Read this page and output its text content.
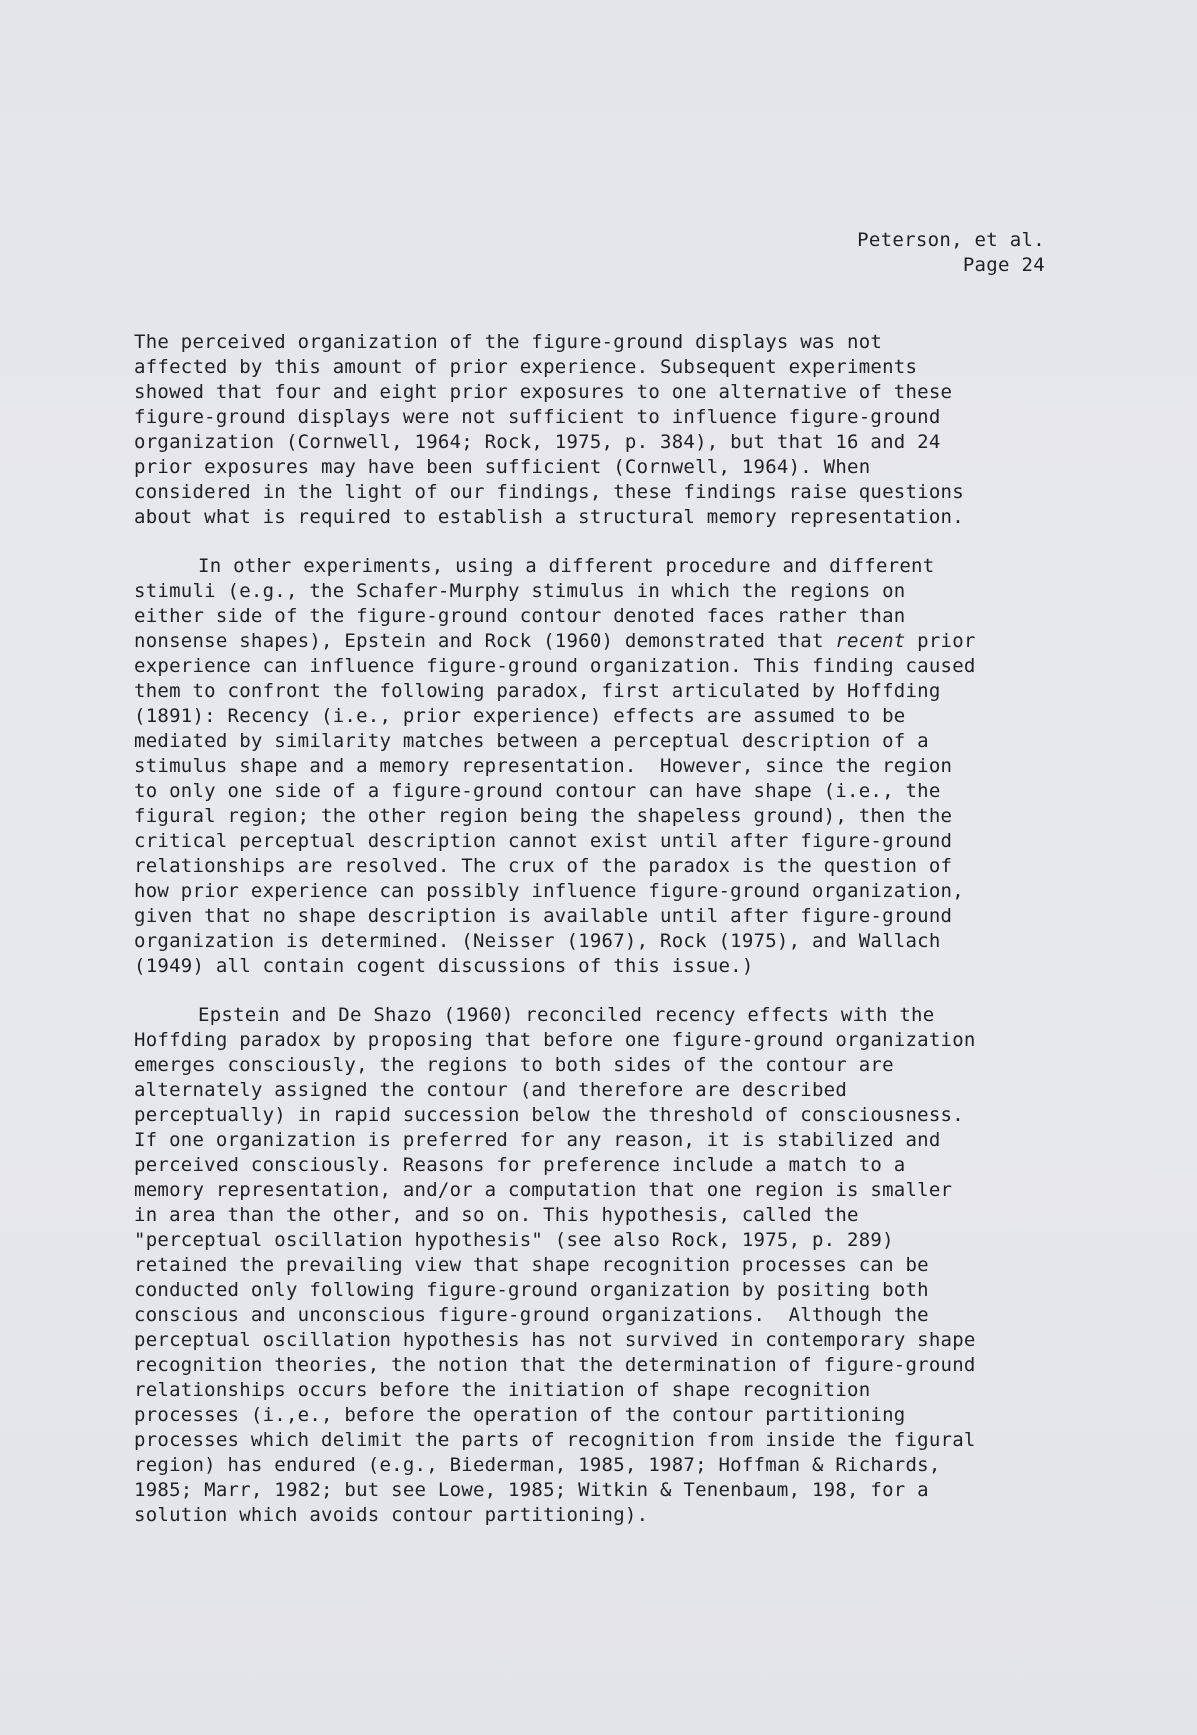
Peterson, et al.
Page 24
The perceived organization of the figure-ground displays was not
affected by this amount of prior experience. Subsequent experiments
showed that four and eight prior exposures to one alternative of these
figure-ground displays were not sufficient to influence figure-ground
organization (Cornwell, 1964; Rock, 1975, p. 384), but that 16 and 24
prior exposures may have been sufficient (Cornwell, 1964). When
considered in the light of our findings, these findings raise questions
about what is required to establish a structural memory representation.
In other experiments, using a different procedure and different
stimuli (e.g., the Schafer-Murphy stimulus in which the regions on
either side of the figure-ground contour denoted faces rather than
nonsense shapes), Epstein and Rock (1960) demonstrated that recent prior
experience can influence figure-ground organization. This finding caused
them to confront the following paradox, first articulated by Hoffding
(1891): Recency (i.e., prior experience) effects are assumed to be
mediated by similarity matches between a perceptual description of a
stimulus shape and a memory representation.  However, since the region
to only one side of a figure-ground contour can have shape (i.e., the
figural region; the other region being the shapeless ground), then the
critical perceptual description cannot exist until after figure-ground
relationships are resolved. The crux of the paradox is the question of
how prior experience can possibly influence figure-ground organization,
given that no shape description is available until after figure-ground
organization is determined. (Neisser (1967), Rock (1975), and Wallach
(1949) all contain cogent discussions of this issue.)
Epstein and De Shazo (1960) reconciled recency effects with the
Hoffding paradox by proposing that before one figure-ground organization
emerges consciously, the regions to both sides of the contour are
alternately assigned the contour (and therefore are described
perceptually) in rapid succession below the threshold of consciousness.
If one organization is preferred for any reason, it is stabilized and
perceived consciously. Reasons for preference include a match to a
memory representation, and/or a computation that one region is smaller
in area than the other, and so on. This hypothesis, called the
"perceptual oscillation hypothesis" (see also Rock, 1975, p. 289)
retained the prevailing view that shape recognition processes can be
conducted only following figure-ground organization by positing both
conscious and unconscious figure-ground organizations.  Although the
perceptual oscillation hypothesis has not survived in contemporary shape
recognition theories, the notion that the determination of figure-ground
relationships occurs before the initiation of shape recognition
processes (i.,e., before the operation of the contour partitioning
processes which delimit the parts of recognition from inside the figural
region) has endured (e.g., Biederman, 1985, 1987; Hoffman & Richards,
1985; Marr, 1982; but see Lowe, 1985; Witkin & Tenenbaum, 198, for a
solution which avoids contour partitioning).
